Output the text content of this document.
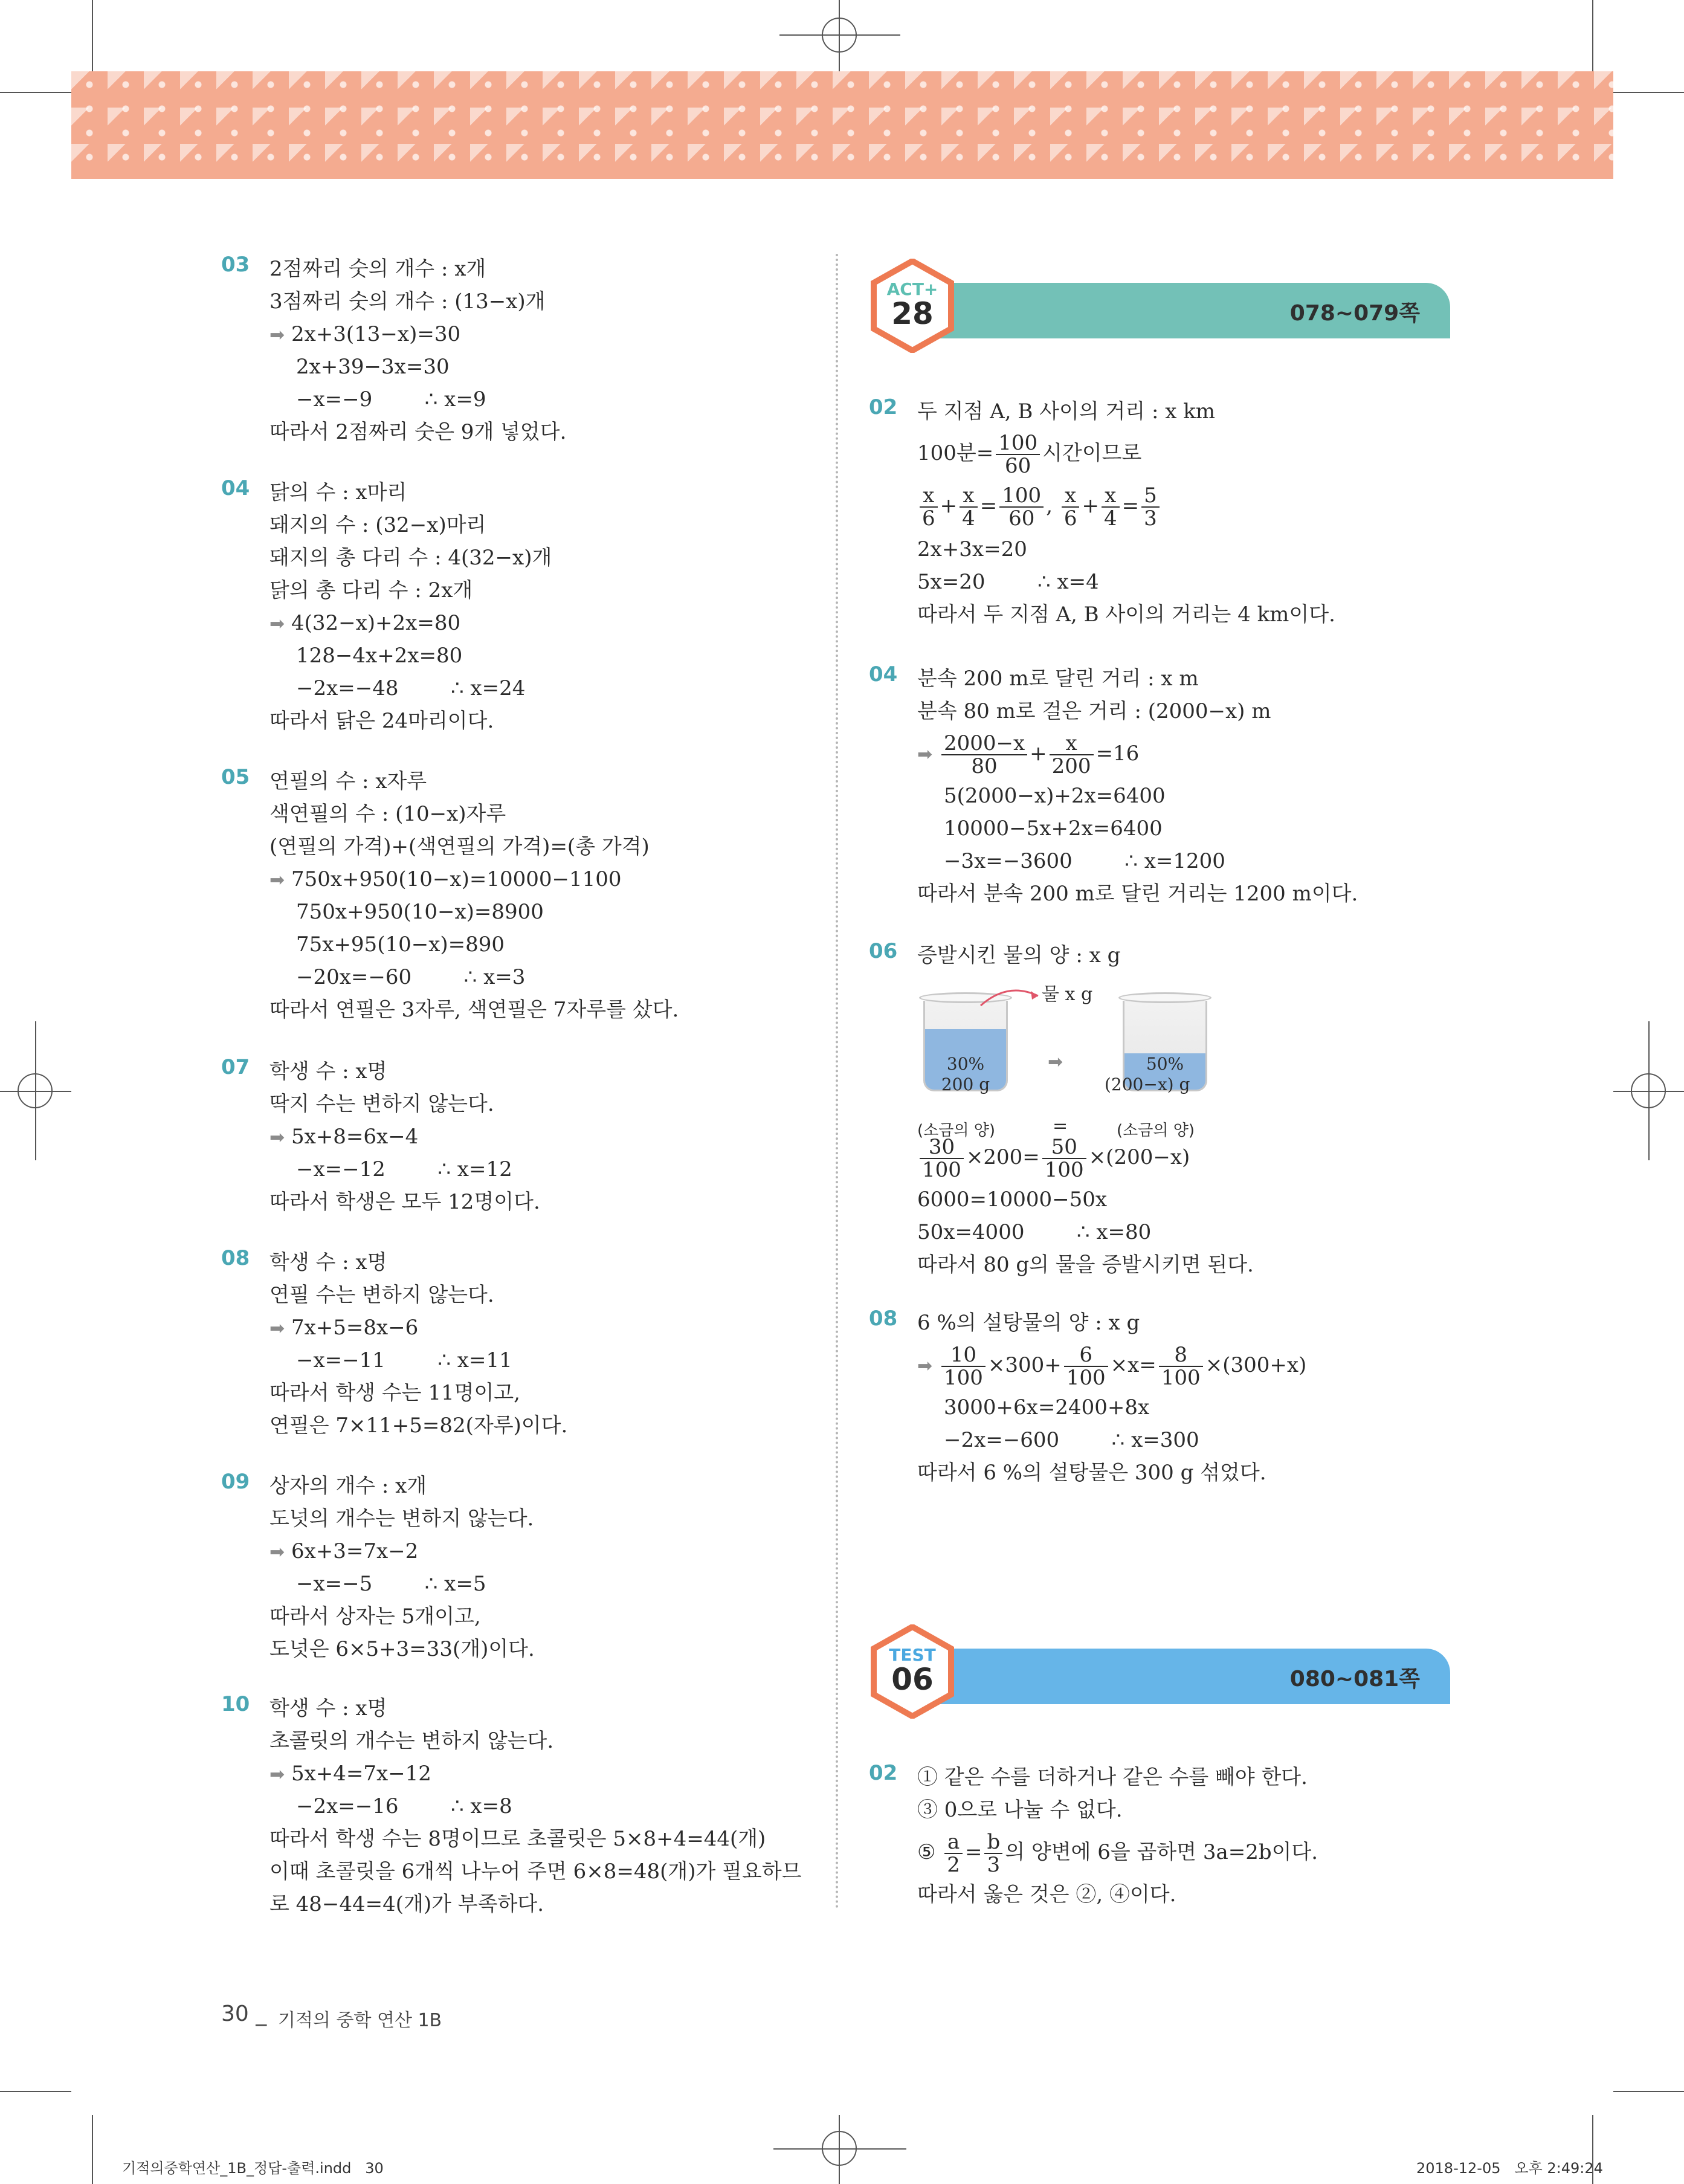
03 2점짜리 숫의 개수 : x개
3점짜리 숫의 개수 : (13−x)개
➡ 2x+3(13−x)=30
2x+39−3x=30
−x=−9        ∴ x=9
따라서 2점짜리 숫은 9개 넣었다.
04 닭의 수 : x마리
돼지의 수 : (32−x)마리
돼지의 총 다리 수 : 4(32−x)개
닭의 총 다리 수 : 2x개
➡ 4(32−x)+2x=80
128−4x+2x=80
−2x=−48        ∴ x=24
따라서 닭은 24마리이다.
05 연필의 수 : x자루
색연필의 수 : (10−x)자루
(연필의 가격)+(색연필의 가격)=(총 가격)
➡ 750x+950(10−x)=10000−1100
750x+950(10−x)=8900
75x+95(10−x)=890
−20x=−60        ∴ x=3
따라서 연필은 3자루, 색연필은 7자루를 샀다.
07 학생 수 : x명
딱지 수는 변하지 않는다.
➡ 5x+8=6x−4
−x=−12        ∴ x=12
따라서 학생은 모두 12명이다.
08 학생 수 : x명
연필 수는 변하지 않는다.
➡ 7x+5=8x−6
−x=−11        ∴ x=11
따라서 학생 수는 11명이고,
연필은 7×11+5=82(자루)이다.
09 상자의 개수 : x개
도넛의 개수는 변하지 않는다.
➡ 6x+3=7x−2
−x=−5        ∴ x=5
따라서 상자는 5개이고,
도넛은 6×5+3=33(개)이다.
10 학생 수 : x명
초콜릿의 개수는 변하지 않는다.
➡ 5x+4=7x−12
−2x=−16        ∴ x=8
따라서 학생 수는 8명이므로 초콜릿은 5×8+4=44(개)
이때 초콜릿을 6개씩 나누어 주면 6×8=48(개)가 필요하므
로 48−44=4(개)가 부족하다.
ACT+
28	078~079쪽
02 두 지점 A, B 사이의 거리 : x km
100분= $\frac{100}{60}$ 시간이므로
$\frac{x}{6} + \frac{x}{4} = \frac{100}{60}$ , $\frac{x}{6} + \frac{x}{4} = \frac{5}{3}$
2x+3x=20
5x=20        ∴ x=4
따라서 두 지점 A, B 사이의 거리는 4 km이다.
04 분속 200 m로 달린 거리 : x m
분속 80 m로 걸은 거리 : (2000−x) m
➡ $\frac{2000-x}{80} + \frac{x}{200} =16$
5(2000−x)+2x=6400
10000−5x+2x=6400
−3x=−3600        ∴ x=1200
따라서 분속 200 m로 달린 거리는 1200 m이다.
06 증발시킨 물의 양 : x g
30%
200 g
물 x g
➡	50%
(200−x) g
(소금의 양)	=	(소금의 양)
$\frac{30}{100} \times 200= \frac{50}{100} \times(200-x)$
6000=10000−50x
50x=4000        ∴ x=80
따라서 80 g의 물을 증발시키면 된다.
08 6 %의 설탕물의 양 : x g
➡ $\frac{10}{100} \times 300+ \frac{6}{100} \times x= \frac{8}{100} \times(300+x)$
3000+6x=2400+8x
−2x=−600        ∴ x=300
따라서 6 %의 설탕물은 300 g 섞었다.
TEST
06	080~081쪽
02 ① 같은 수를 더하거나 같은 수를 빼야 한다.
③ 0으로 나눌 수 없다.
⑤ $\frac{a}{2} = \frac{b}{3}$ 의 양변에 6을 곱하면 3a=2b이다.
따라서 옳은 것은 ②, ④이다.
30 _ 기적의 중학 연산 1B
기적의중학연산_1B_정답-출력.indd   30	2018-12-05   오후 2:49:24
